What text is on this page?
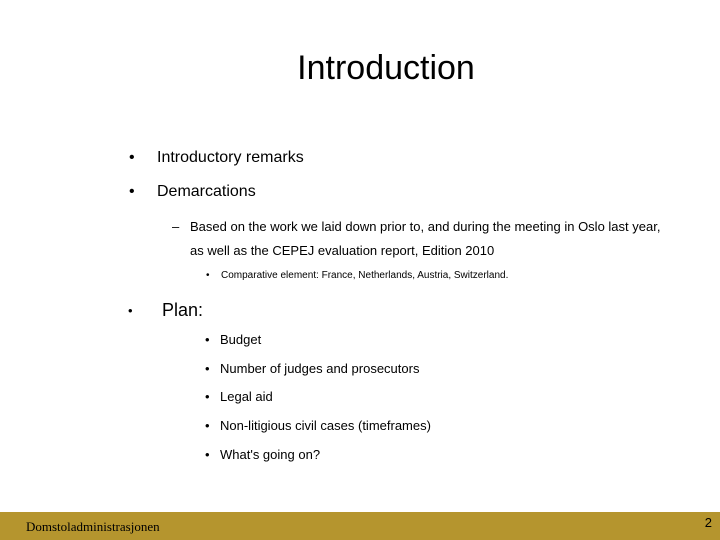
Introduction
• Introductory remarks
• Demarcations
– Based on the work we laid down prior to, and during the meeting in Oslo last year,
as well as the CEPEJ evaluation report, Edition 2010
• Comparative element: France, Netherlands, Austria, Switzerland.
• Plan:
• Budget
• Number of judges and prosecutors
• Legal aid
• Non-litigious civil cases (timeframes)
• What's going on?
Domstoladministrasjonen	2
